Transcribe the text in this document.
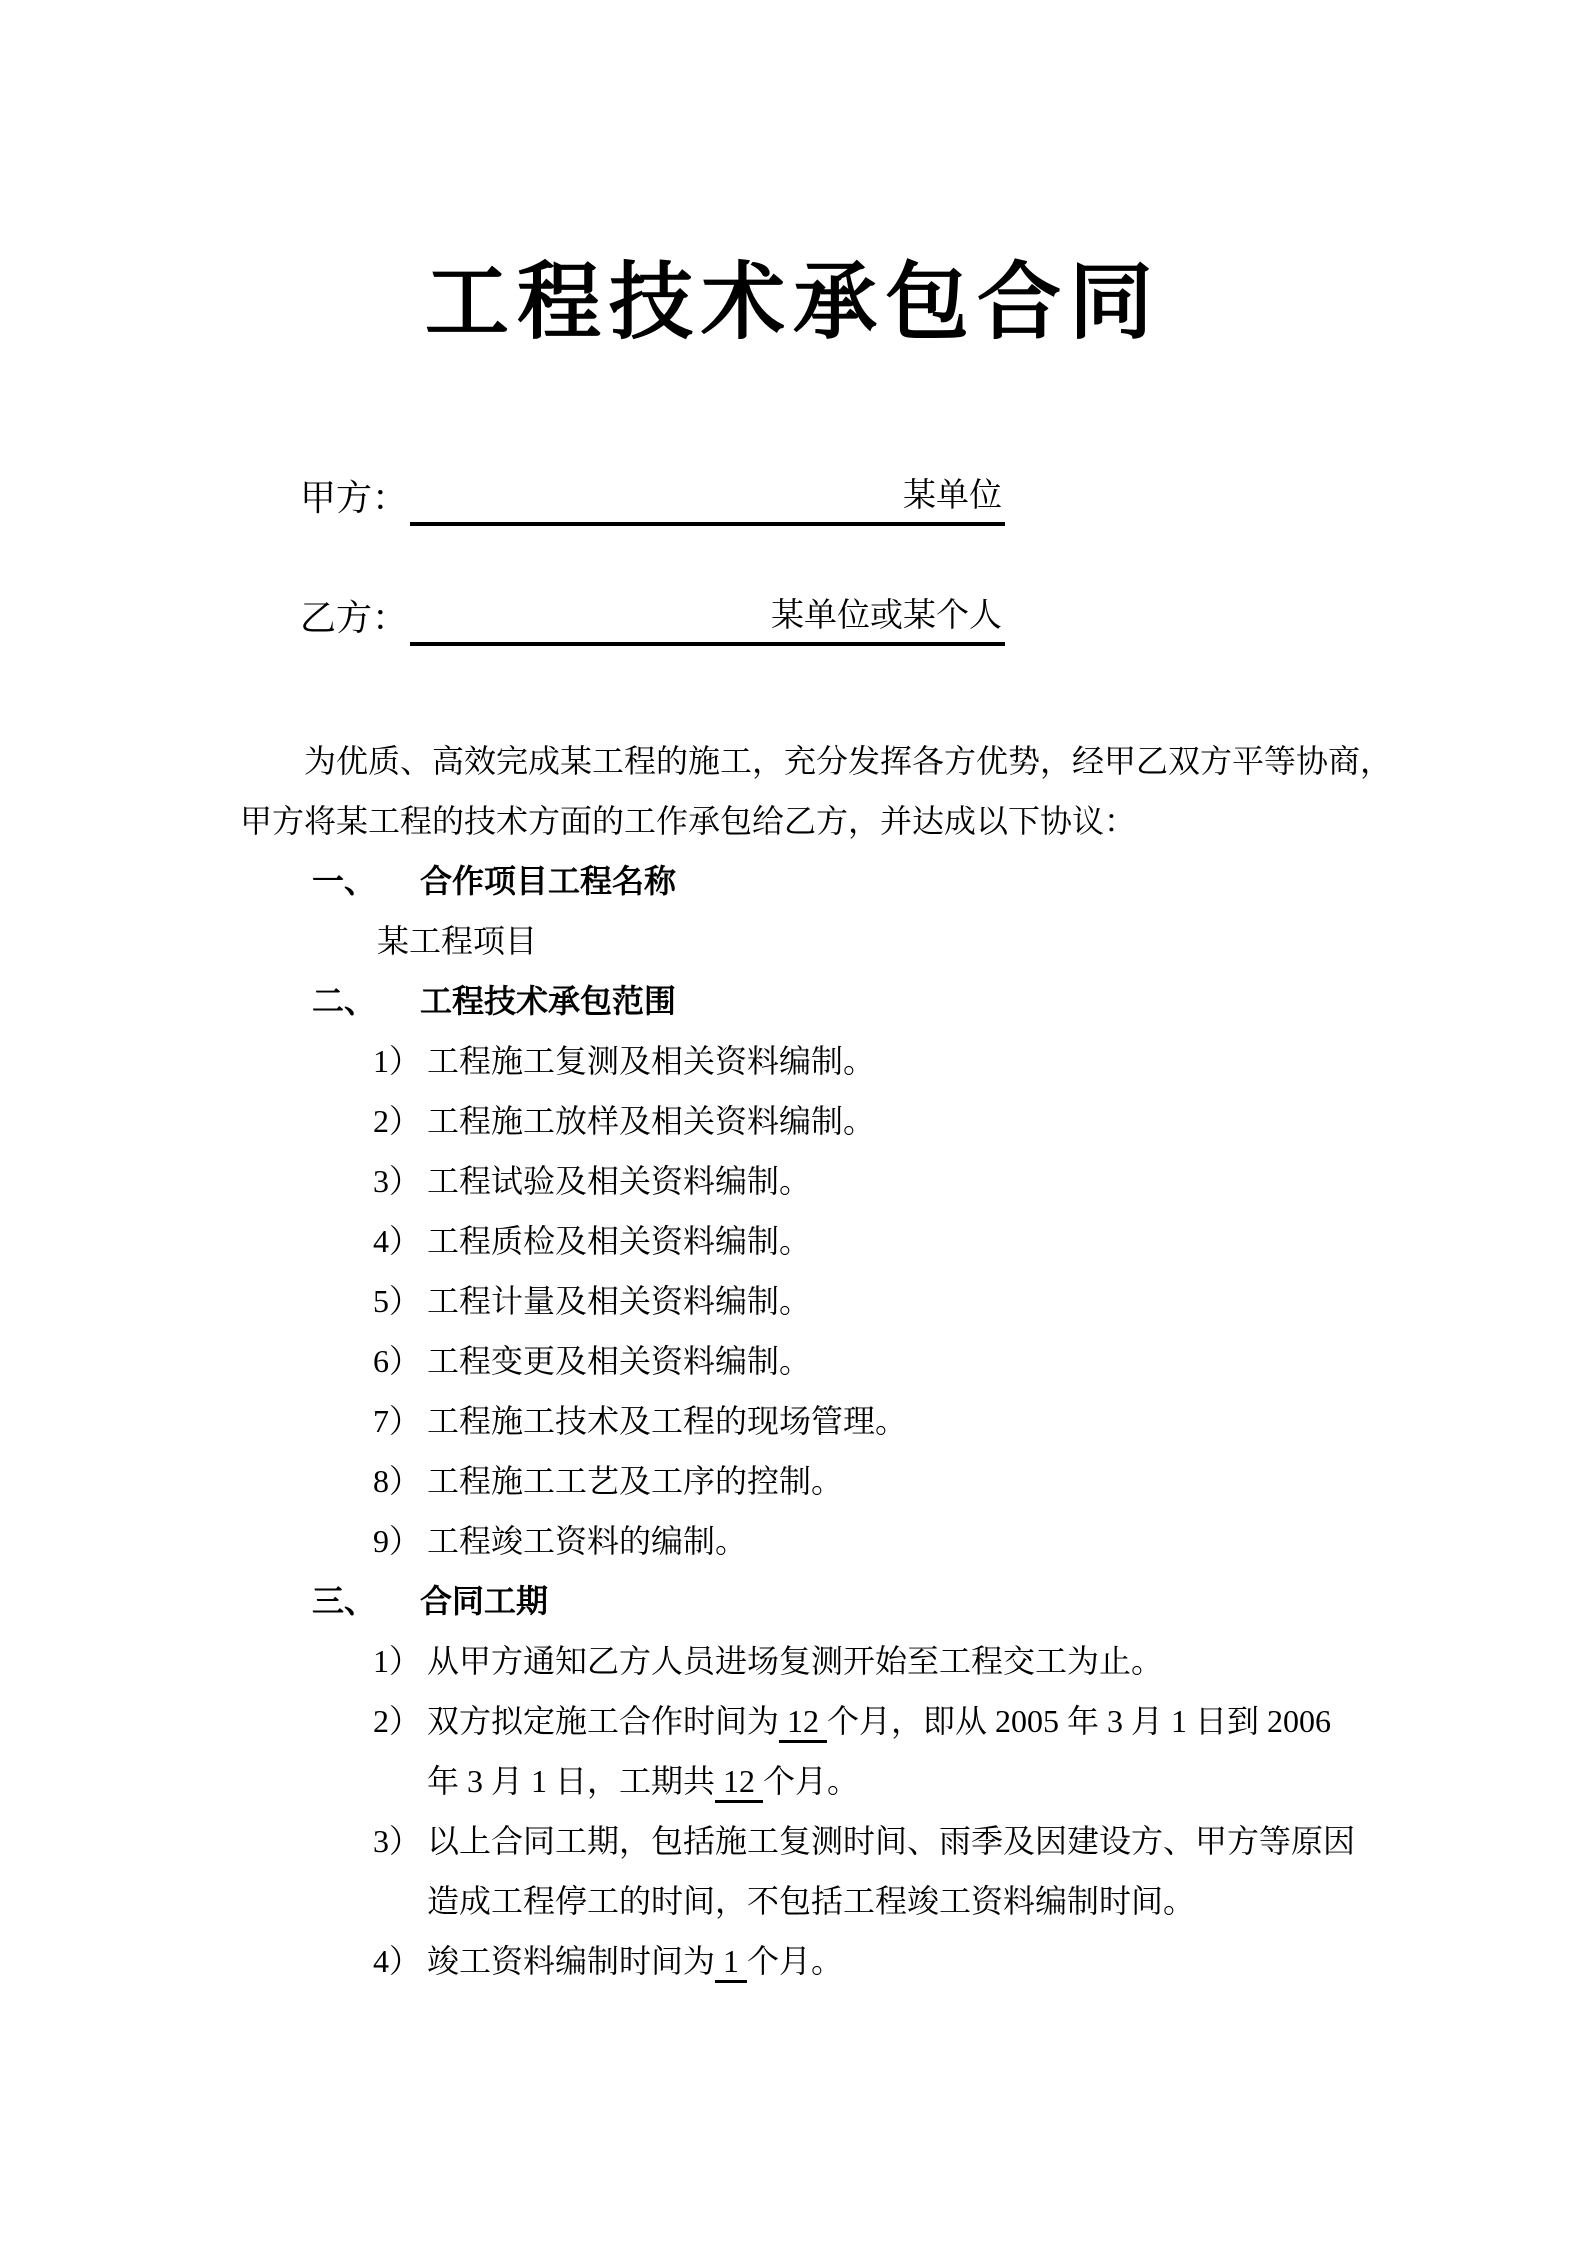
工程技术承包合同
甲方：	某单位
乙方：	某单位或某个人
为优质、高效完成某工程的施工，充分发挥各方优势，经甲乙双方平等协商，
甲方将某工程的技术方面的工作承包给乙方，并达成以下协议：
一、 合作项目工程名称
某工程项目
二、 工程技术承包范围
1） 工程施工复测及相关资料编制。
2） 工程施工放样及相关资料编制。
3） 工程试验及相关资料编制。
4） 工程质检及相关资料编制。
5） 工程计量及相关资料编制。
6） 工程变更及相关资料编制。
7） 工程施工技术及工程的现场管理。
8） 工程施工工艺及工序的控制。
9） 工程竣工资料的编制。
三、 合同工期
1） 从甲方通知乙方人员进场复测开始至工程交工为止。
2） 双方拟定施工合作时间为 12 个月，即从 2005 年 3 月 1 日到 2006
年 3 月 1 日，工期共 12 个月。
3） 以上合同工期，包括施工复测时间、雨季及因建设方、甲方等原因
造成工程停工的时间，不包括工程竣工资料编制时间。
4） 竣工资料编制时间为 1 个月。
